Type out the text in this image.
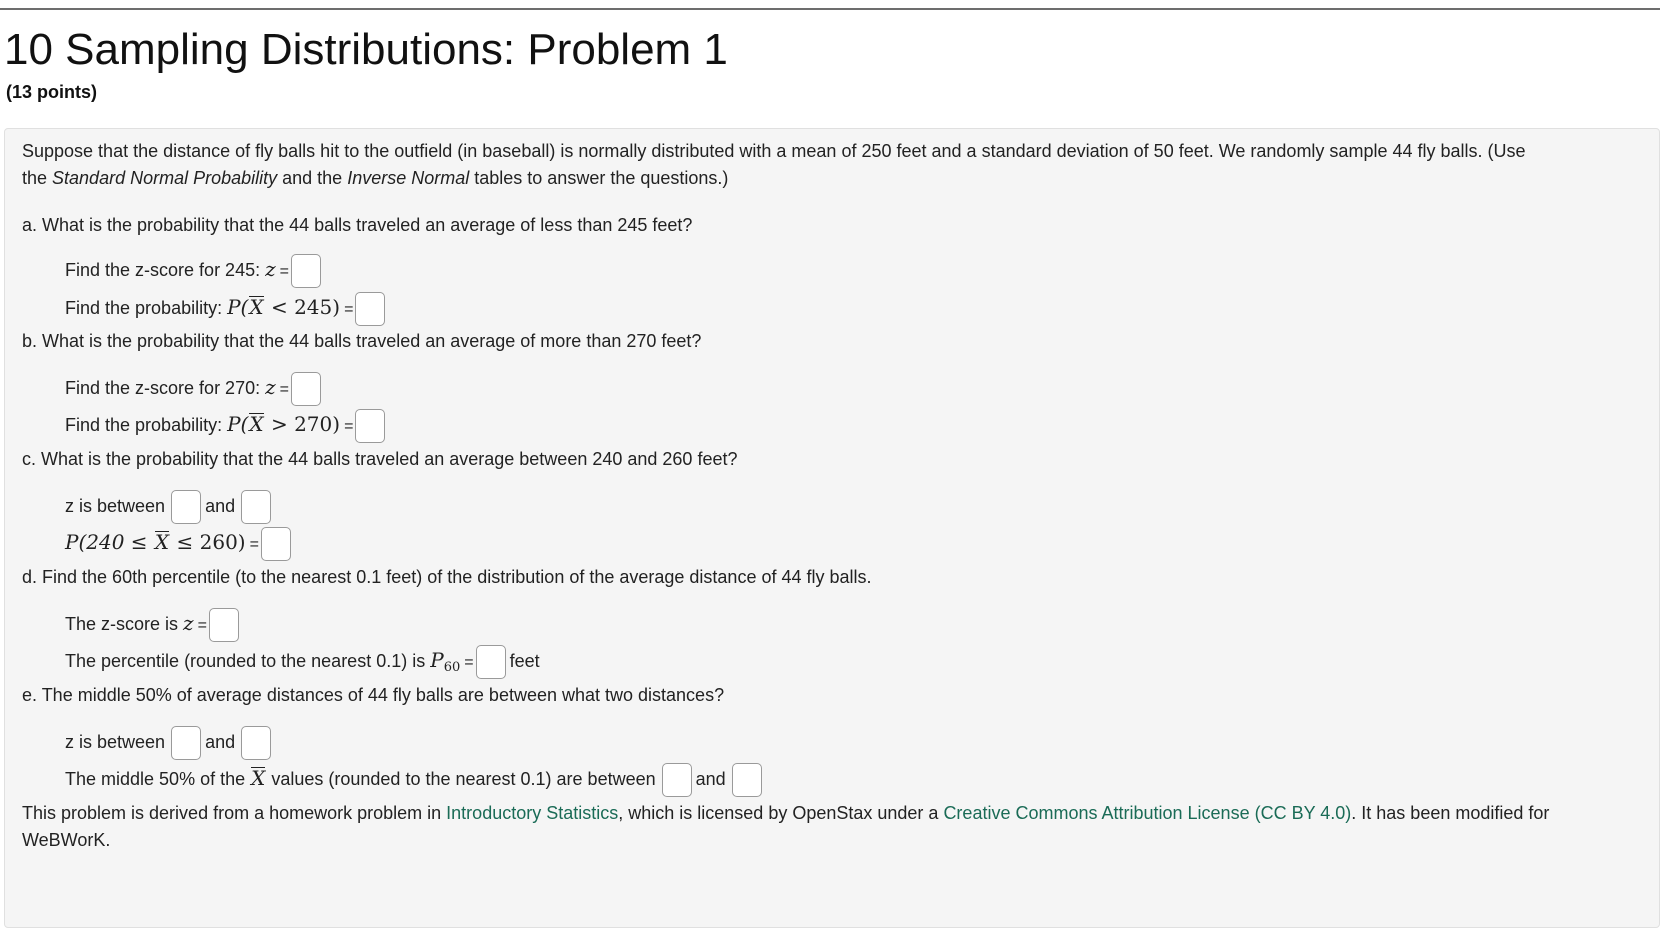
10 Sampling Distributions: Problem 1
(13 points)
Suppose that the distance of fly balls hit to the outfield (in baseball) is normally distributed with a mean of 250 feet and a standard deviation of 50 feet. We randomly sample 44 fly balls. (Use
the Standard Normal Probability and the Inverse Normal tables to answer the questions.)
a. What is the probability that the 44 balls traveled an average of less than 245 feet?
Find the z-score for 245: z =
Find the probability: P(X < 245) =
b. What is the probability that the 44 balls traveled an average of more than 270 feet?
Find the z-score for 270: z =
Find the probability: P(X > 270) =
c. What is the probability that the 44 balls traveled an average between 240 and 260 feet?
z is between and
P(240 ≤ X ≤ 260) =
d. Find the 60th percentile (to the nearest 0.1 feet) of the distribution of the average distance of 44 fly balls.
The z-score is z =
The percentile (rounded to the nearest 0.1) is $P_{60}$ = feet
e. The middle 50% of average distances of 44 fly balls are between what two distances?
z is between and
The middle 50% of the X values (rounded to the nearest 0.1) are between and
This problem is derived from a homework problem in Introductory Statistics, which is licensed by OpenStax under a Creative Commons Attribution License (CC BY 4.0). It has been modified for
WeBWorK.
